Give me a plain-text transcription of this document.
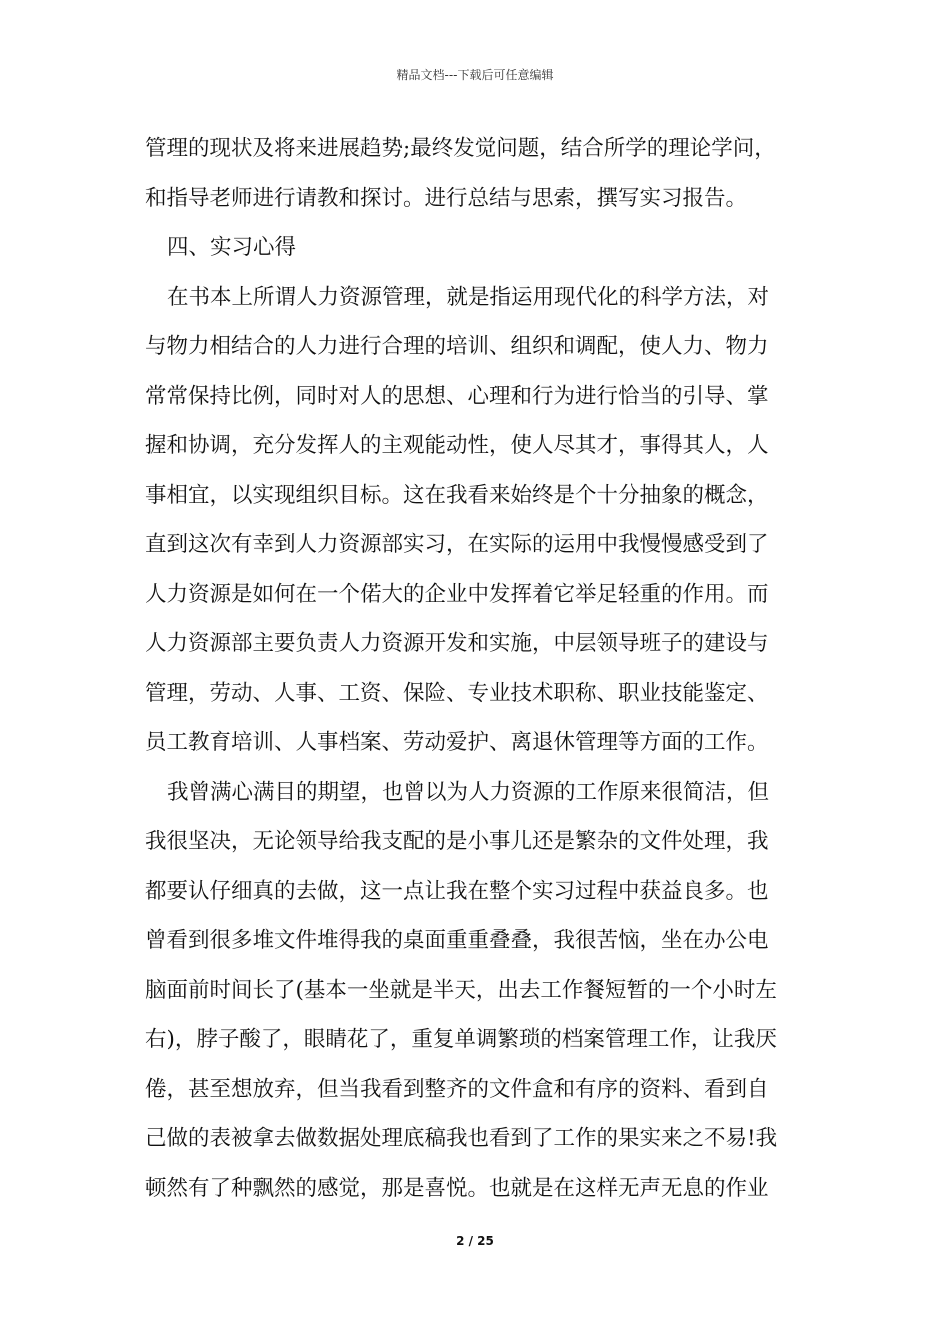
精品文档---下载后可任意编辑
管理的现状及将来进展趋势;最终发觉问题，结合所学的理论学问，
和指导老师进行请教和探讨。进行总结与思索，撰写实习报告。
四、实习心得
在书本上所谓人力资源管理，就是指运用现代化的科学方法，对
与物力相结合的人力进行合理的培训、组织和调配，使人力、物力
常常保持比例，同时对人的思想、心理和行为进行恰当的引导、掌
握和协调，充分发挥人的主观能动性，使人尽其才，事得其人，人
事相宜，以实现组织目标。这在我看来始终是个十分抽象的概念，
直到这次有幸到人力资源部实习，在实际的运用中我慢慢感受到了
人力资源是如何在一个偌大的企业中发挥着它举足轻重的作用。而
人力资源部主要负责人力资源开发和实施，中层领导班子的建设与
管理，劳动、人事、工资、保险、专业技术职称、职业技能鉴定、
员工教育培训、人事档案、劳动爱护、离退休管理等方面的工作。
我曾满心满目的期望，也曾以为人力资源的工作原来很简洁，但
我很坚决，无论领导给我支配的是小事儿还是繁杂的文件处理，我
都要认仔细真的去做，这一点让我在整个实习过程中获益良多。也
曾看到很多堆文件堆得我的桌面重重叠叠，我很苦恼，坐在办公电
脑面前时间长了(基本一坐就是半天，出去工作餐短暂的一个小时左
右)，脖子酸了，眼睛花了，重复单调繁琐的档案管理工作，让我厌
倦，甚至想放弃，但当我看到整齐的文件盒和有序的资料、看到自
己做的表被拿去做数据处理底稿我也看到了工作的果实来之不易!我
顿然有了种飘然的感觉，那是喜悦。也就是在这样无声无息的作业
2 / 25
